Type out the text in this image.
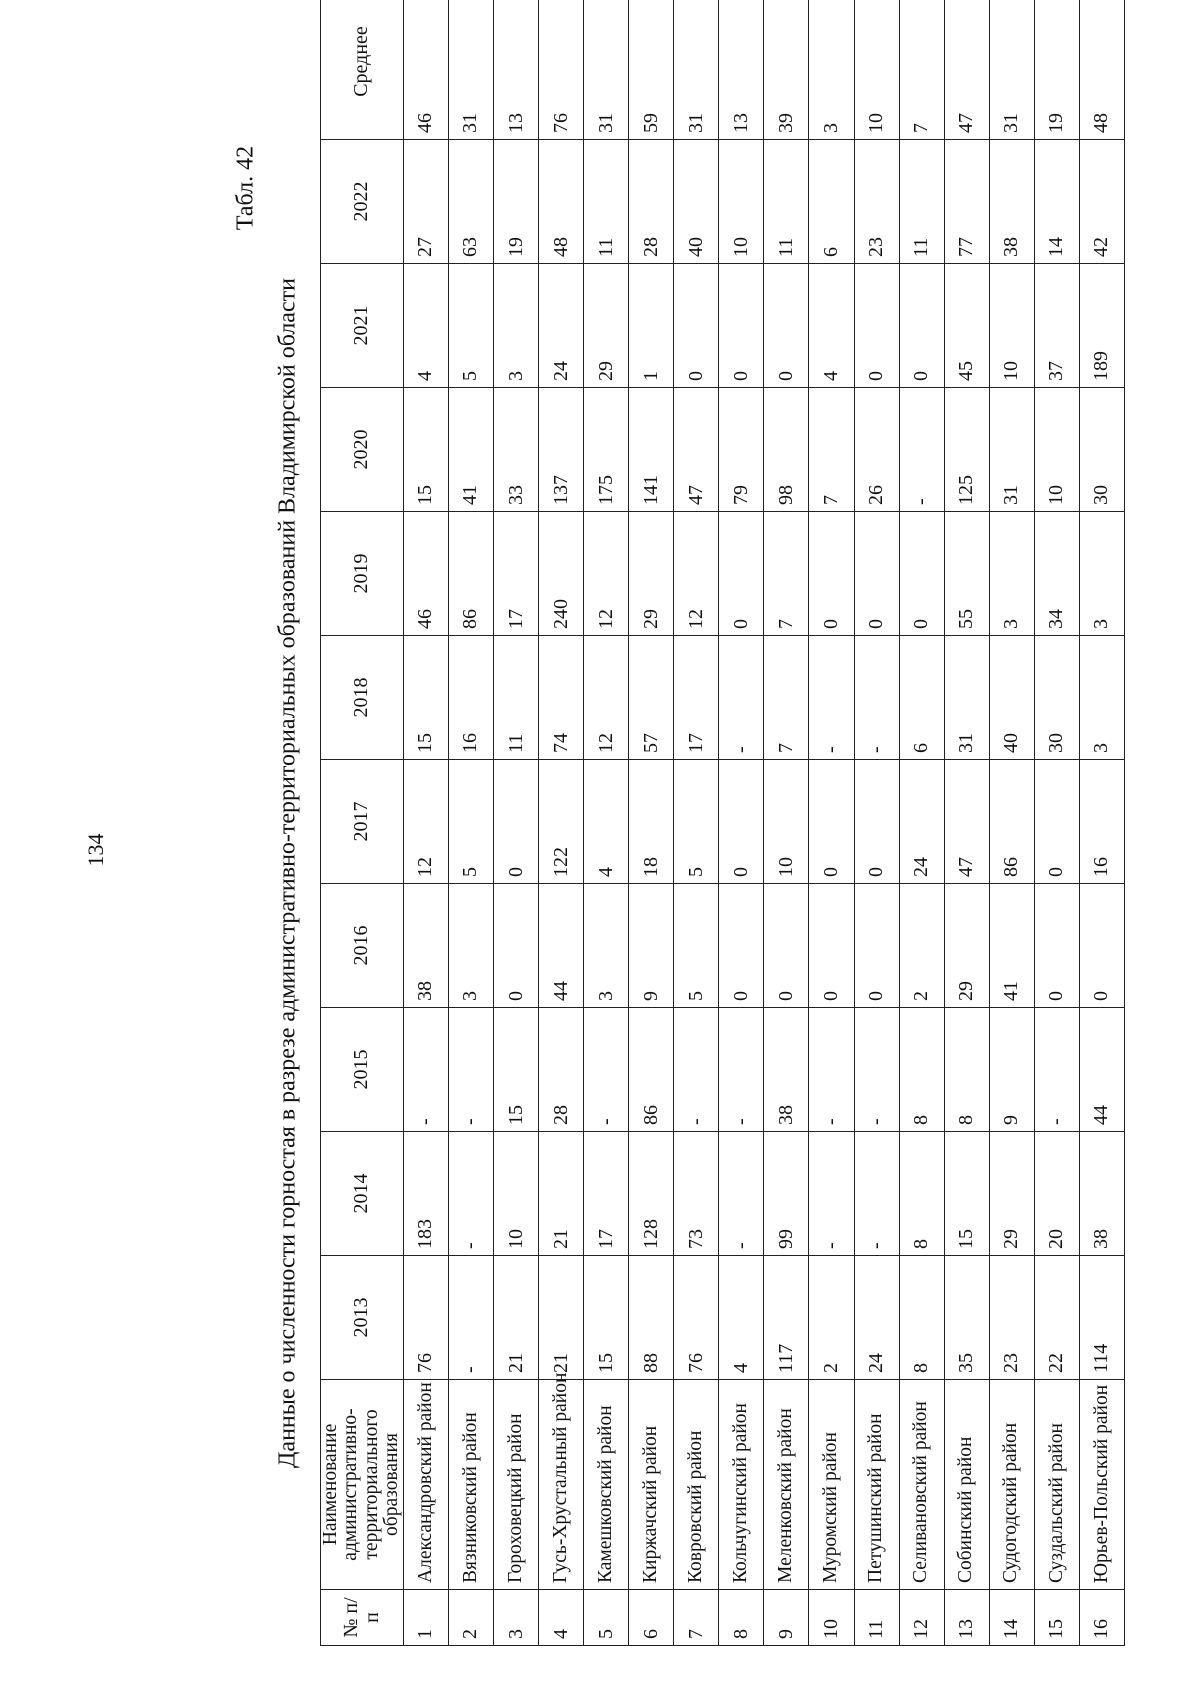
134
Табл. 42
Данные о численности горностая в разрезе административно-территориальных образований Владимирской области
№ п/п	Наименование административно-территориального образования	2013	2014	2015	2016	2017	2018	2019	2020	2021	2022	Среднее
1	Александровский район	76	183	-	38	12	15	46	15	4	27	46
2	Вязниковский район	-	-	-	3	5	16	86	41	5	63	31
3	Гороховецкий район	21	10	15	0	0	11	17	33	3	19	13
4	Гусь-Хрустальный район	21	21	28	44	122	74	240	137	24	48	76
5	Камешковский район	15	17	-	3	4	12	12	175	29	11	31
6	Киржачский район	88	128	86	9	18	57	29	141	1	28	59
7	Ковровский район	76	73	-	5	5	17	12	47	0	40	31
8	Кольчугинский район	4	-	-	0	0	-	0	79	0	10	13
9	Меленковский район	117	99	38	0	10	7	7	98	0	11	39
10	Муромский район	2	-	-	0	0	-	0	7	4	6	3
11	Петушинский район	24	-	-	0	0	-	0	26	0	23	10
12	Селивановский район	8	8	8	2	24	6	0	-	0	11	7
13	Собинский район	35	15	8	29	47	31	55	125	45	77	47
14	Судогодский район	23	29	9	41	86	40	3	31	10	38	31
15	Суздальский район	22	20	-	0	0	30	34	10	37	14	19
16	Юрьев-Польский район	114	38	44	0	16	3	3	30	189	42	48
